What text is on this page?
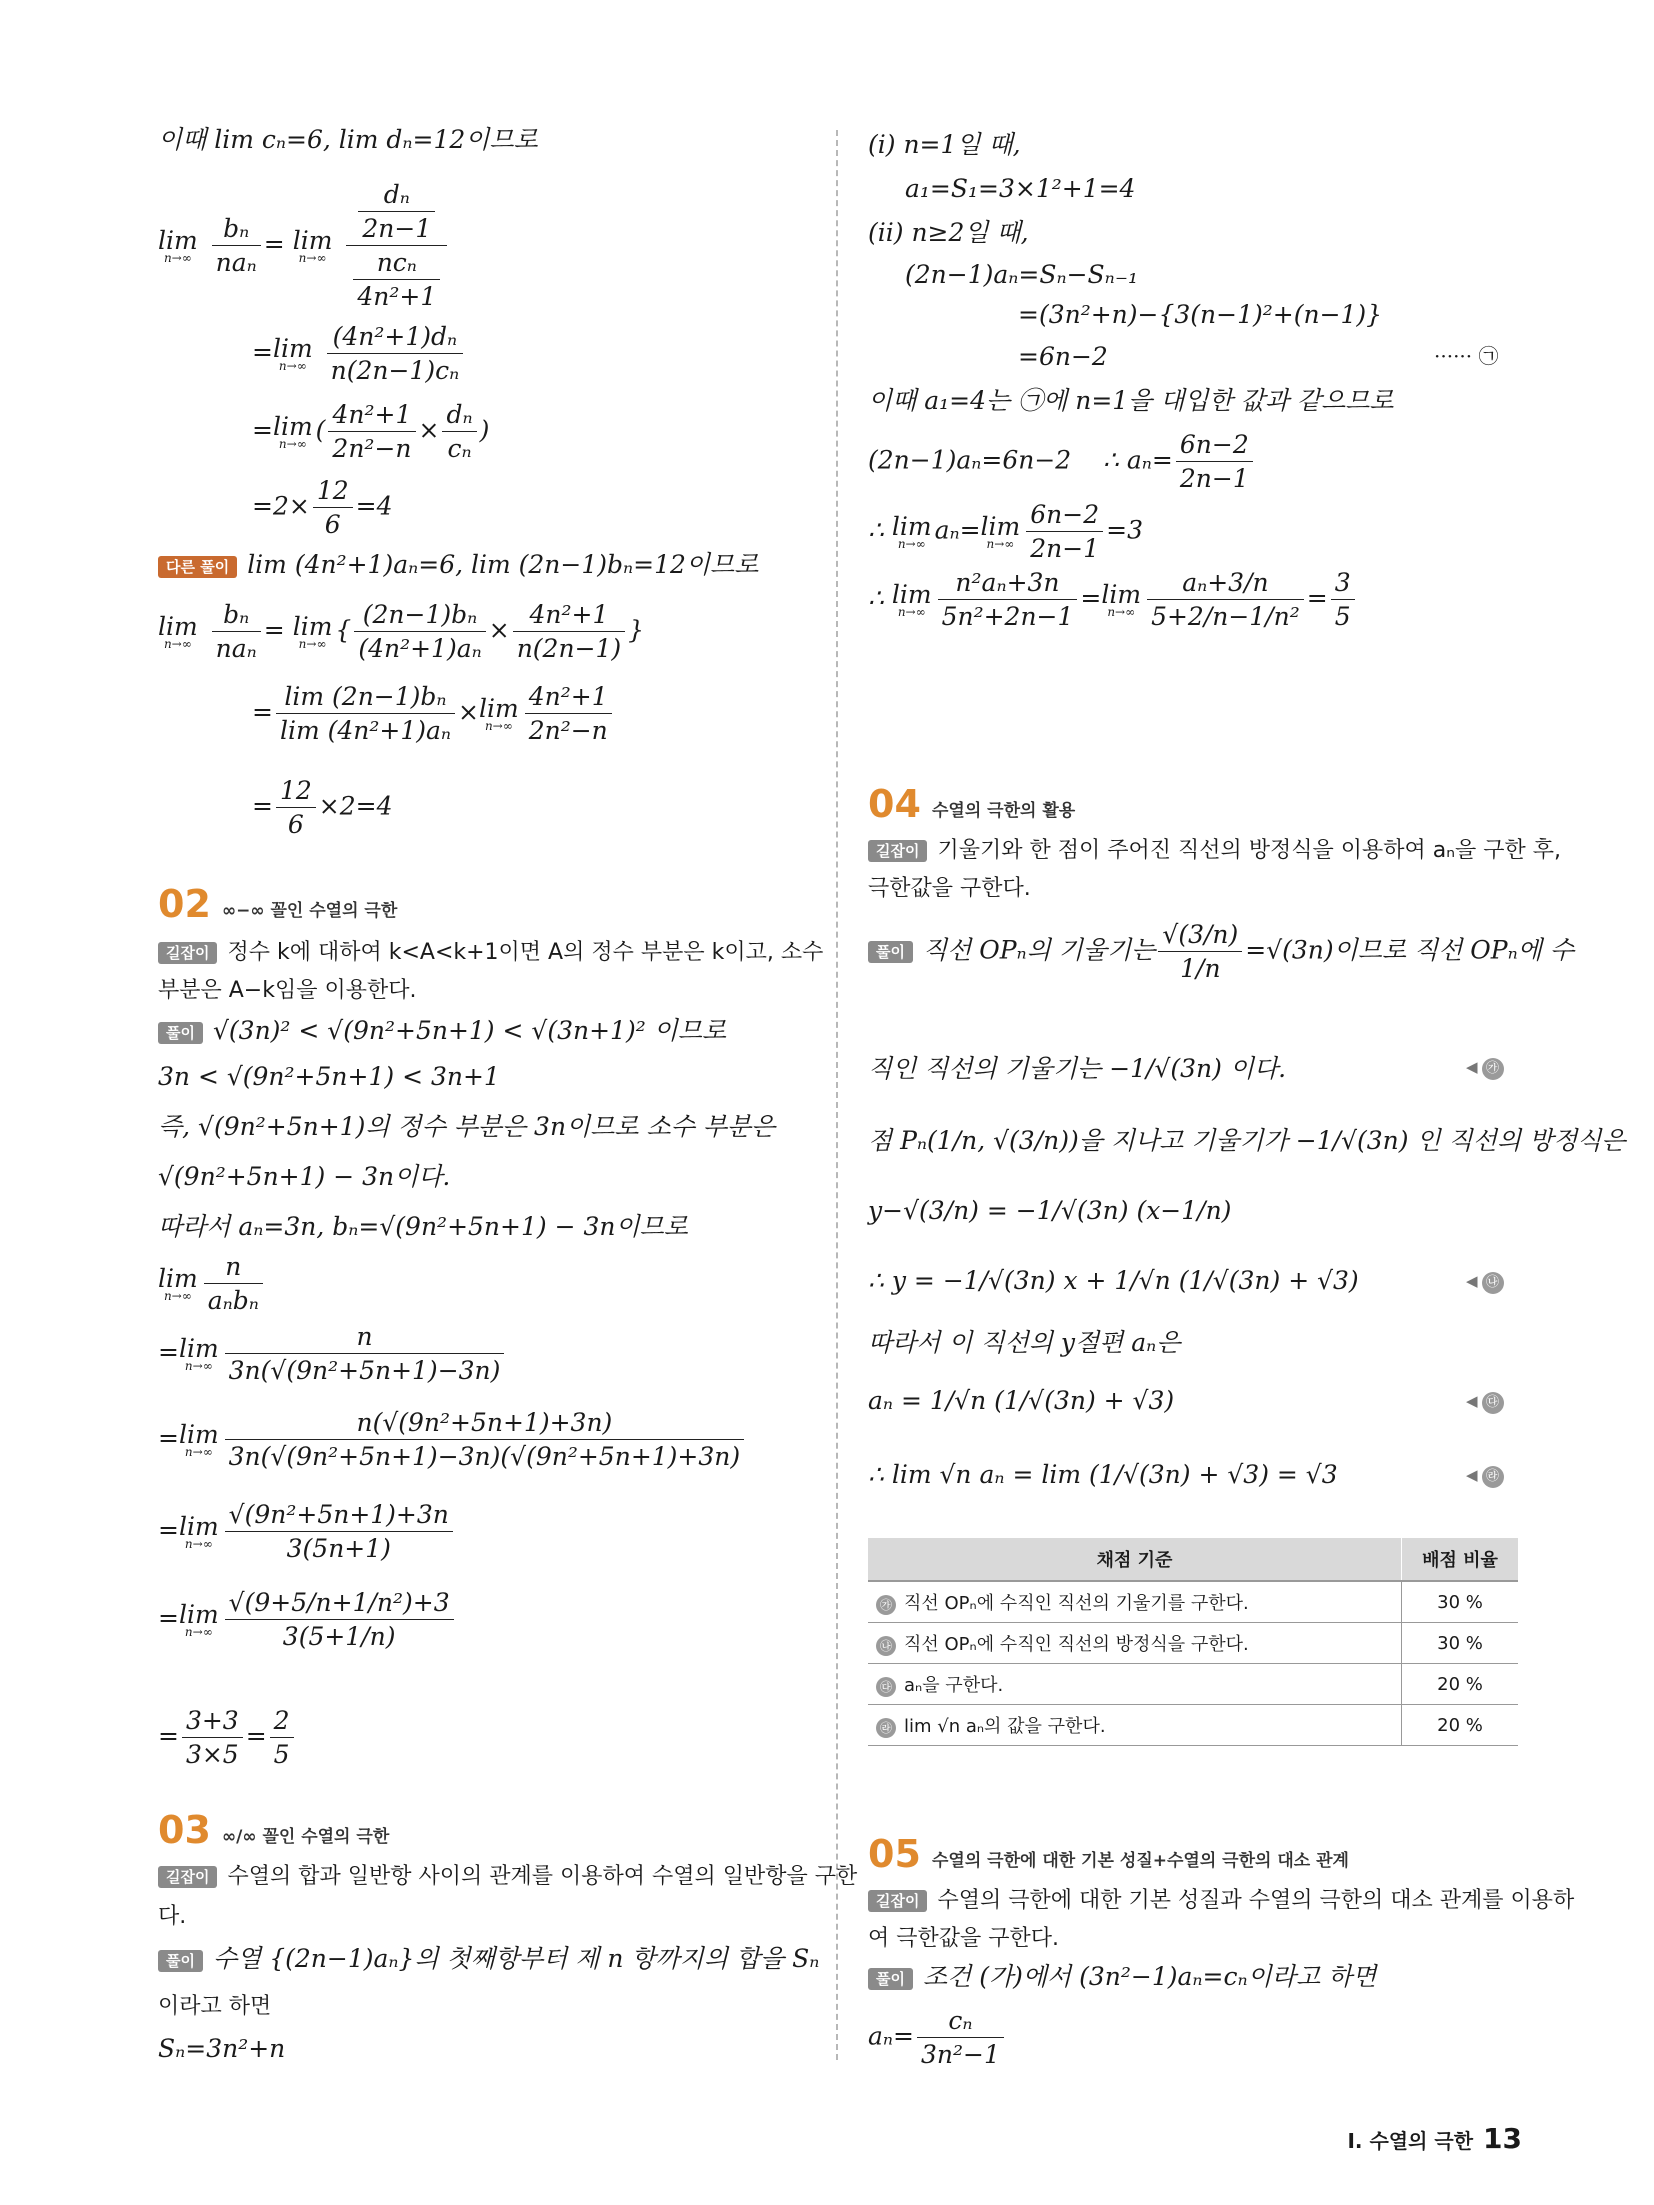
이때 lim cₙ=6, lim dₙ=12이므로
lim
n→∞
$\frac{\text{bₙ}}{\text{naₙ}} = \lim$
n→∞
$\frac{\frac{\text{dₙ}}{2n-1}}{\frac{\text{ncₙ}}{\text{4n²+1}}}$
= lim
n→∞
$\frac{\text{(4n²+1)dₙ}}{\text{n(2n−1)cₙ}}$
= lim
n→∞ ( $\frac{\text{4n²+1}}{\text{2n²−n}} \times \frac{\text{dₙ}}{\text{cₙ}}$ )
$=2\times \frac{12}{6} =4$
다른 풀이 lim (4n²+1)aₙ=6, lim (2n−1)bₙ=12이므로
lim
n→∞
$\frac{\text{bₙ}}{\text{naₙ}} = \lim$
n→∞ { $\frac{\text{(2n−1)bₙ}}{\text{(4n²+1)aₙ}} \times \frac{\text{4n²+1}}{n(2n-1)}$ }
= $\frac{\text{lim (2n−1)bₙ}}{\text{lim (4n²+1)aₙ}} \times \lim$
$n\to\infty \frac{\text{4n²+1}}{\text{2n²−n}}$
= $\frac{12}{6} \times 2=4$
02 ∞−∞ 꼴인 수열의 극한
길잡이 정수 k에 대하여 k<A<k+1이면 A의 정수 부분은 k이고, 소수
부분은 A−k임을 이용한다.
풀이 √(3n)² < √(9n²+5n+1) < √(3n+1)² 이므로
3n < √(9n²+5n+1) < 3n+1
즉, √(9n²+5n+1)의 정수 부분은 3n이므로 소수 부분은
√(9n²+5n+1) − 3n이다.
따라서 aₙ=3n, bₙ=√(9n²+5n+1) − 3n이므로
lim
$n\to\infty \frac{n}{\text{aₙbₙ}}$
= lim
$n\to\infty \frac{n}{\text{3n(√(9n²+5n+1)−3n)}}$
= lim
$n\to\infty \frac{\text{n(√(9n²+5n+1)+3n)}}{\text{3n(√(9n²+5n+1)−3n)(√(9n²+5n+1)+3n)}}$
= lim
$n\to\infty \frac{\text{√(9n²+5n+1)+3n}}{3(5n+1)}$
= lim
$n\to\infty \frac{\text{√(9+5/n+1/n²)+3}}{3(5+1/n)}$
= $\frac{3+3}{3\times 5} = \frac{2}{5}$
03 ∞/∞ 꼴인 수열의 극한
길잡이 수열의 합과 일반항 사이의 관계를 이용하여 수열의 일반항을 구한
다.
풀이 수열 {(2n−1)aₙ}의 첫째항부터 제 n 항까지의 합을 Sₙ
이라고 하면
Sₙ=3n²+n
(ⅰ) n=1일 때,
a₁=S₁=3×1²+1=4
(ⅱ) n≥2일 때,
(2n−1)aₙ=Sₙ−Sₙ₋₁
=(3n²+n)−{3(n−1)²+(n−1)}
=6n−2	······ ㉠
이때 a₁=4는 ㉠에 n=1을 대입한 값과 같으므로
(2n−1)aₙ=6n−2 ∴ $a_n= \frac{6n-2}{2n-1}$
∴ lim
n→∞ aₙ= lim
$n\to\infty \frac{6n-2}{2n-1} =3$
∴ lim
$n\to\infty \frac{\text{n²aₙ+3n}}{\text{5n²+2n−1}} = \lim$
$n\to\infty \frac{\text{aₙ+3/n}}{\text{5+2/n−1/n²}} = \frac{3}{5}$
04 수열의 극한의 활용
길잡이 기울기와 한 점이 주어진 직선의 방정식을 이용하여 aₙ을 구한 후,
극한값을 구한다.
풀이 직선 OPₙ의 기울기는 $\frac{√(3/n)}{1/n} =√(3n)$이므로 직선 OPₙ에 수
직인 직선의 기울기는 −1/√(3n) 이다.	◀ ㉮
점 Pₙ(1/n, √(3/n))을 지나고 기울기가 −1/√(3n) 인 직선의 방정식은
y−√(3/n) = −1/√(3n) (x−1/n)
∴ y = −1/√(3n) x + 1/√n (1/√(3n) + √3)	◀ ㉯
따라서 이 직선의 y절편 aₙ은
aₙ = 1/√n (1/√(3n) + √3)	◀ ㉰
∴ lim √n aₙ = lim (1/√(3n) + √3) = √3	◀ ㉱
채점 기준	배점 비율
㉮ 직선 OPₙ에 수직인 직선의 기울기를 구한다.	30 %
㉯ 직선 OPₙ에 수직인 직선의 방정식을 구한다.	30 %
㉰ aₙ을 구한다.	20 %
㉱ lim √n aₙ의 값을 구한다.	20 %
05 수열의 극한에 대한 기본 성질+수열의 극한의 대소 관계
길잡이 수열의 극한에 대한 기본 성질과 수열의 극한의 대소 관계를 이용하
여 극한값을 구한다.
풀이 조건 (가)에서 (3n²−1)aₙ=cₙ이라고 하면
$a_n= \frac{\text{cₙ}}{\text{3n²−1}}$
Ⅰ. 수열의 극한 13
